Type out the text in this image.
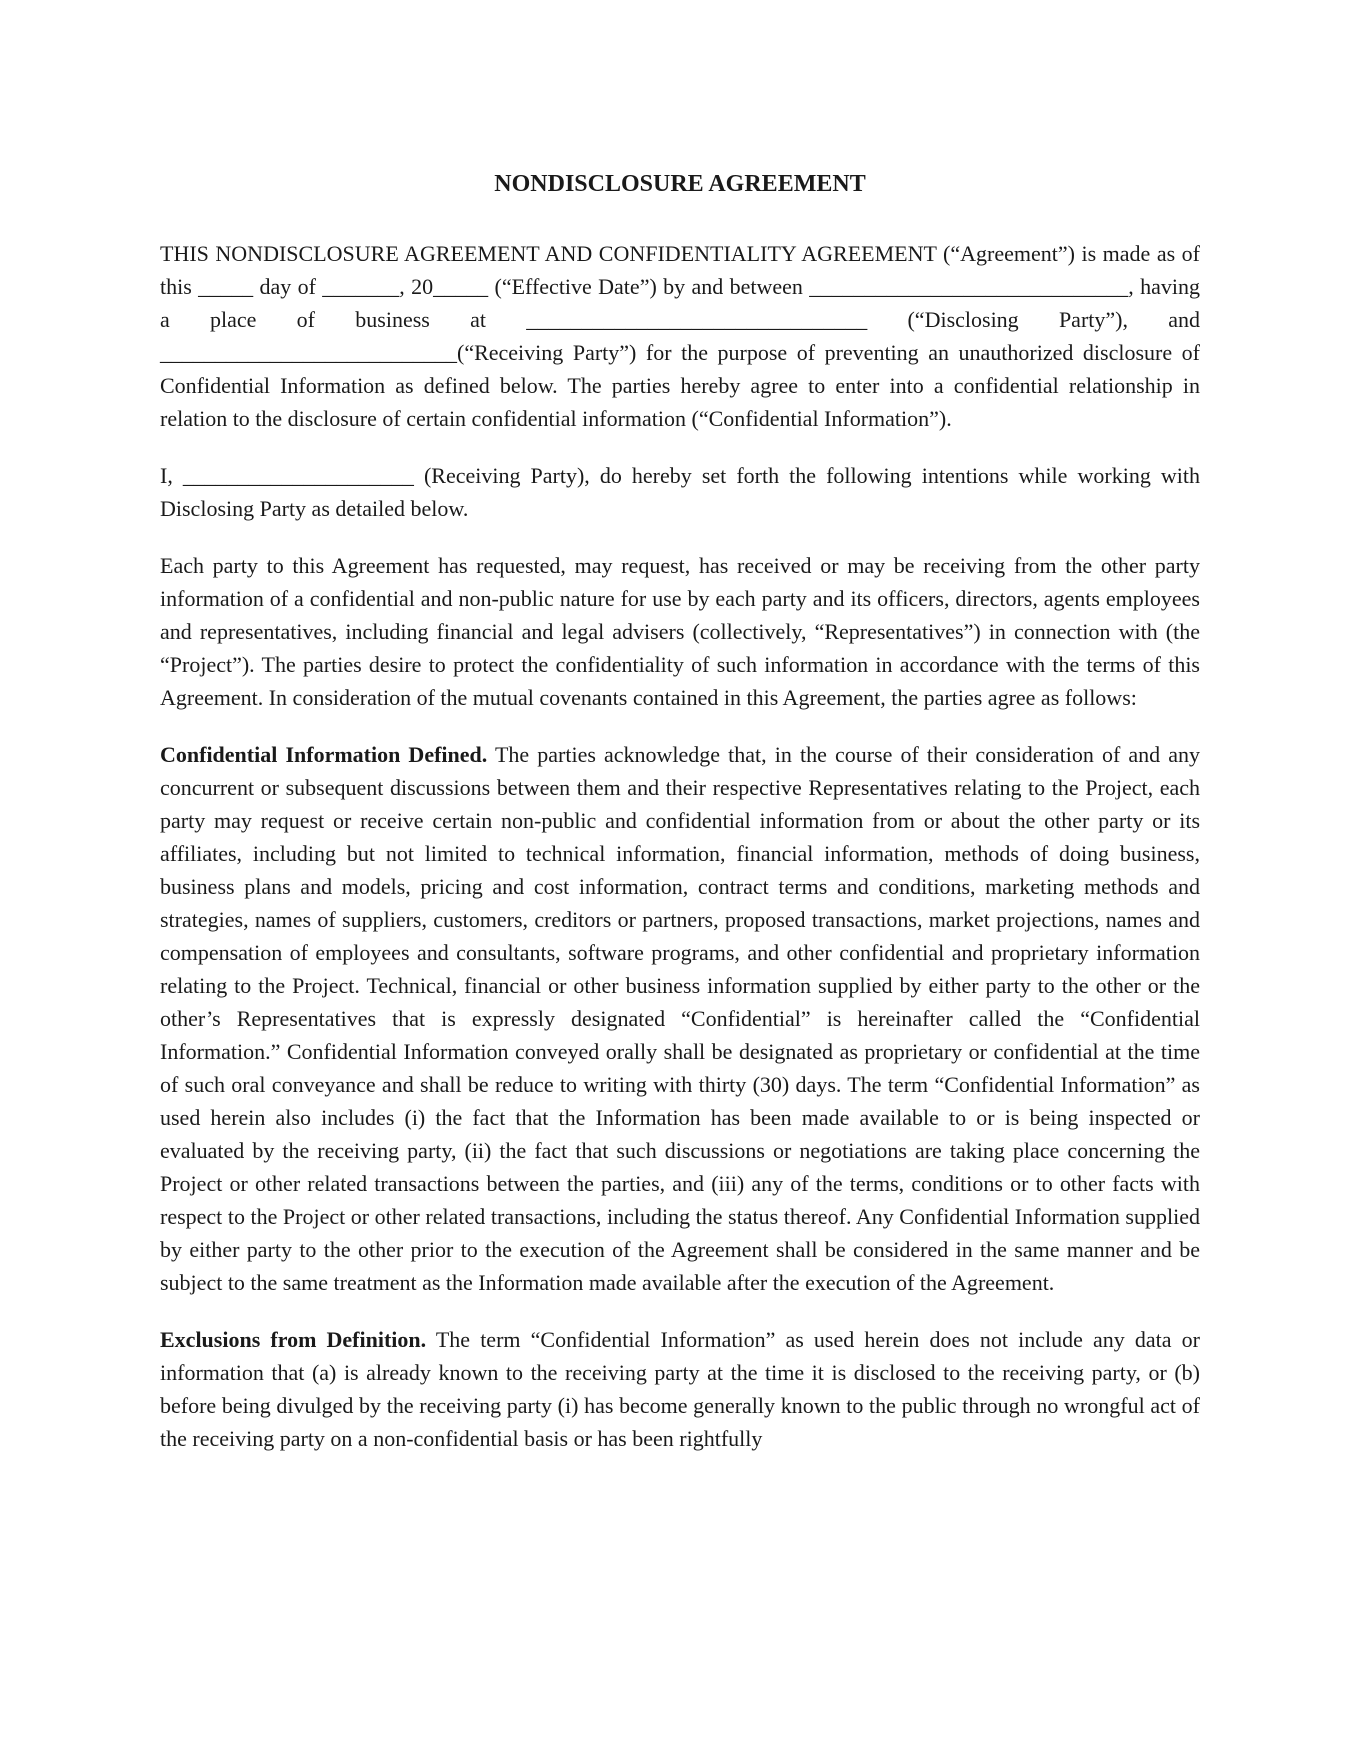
NONDISCLOSURE AGREEMENT

THIS NONDISCLOSURE AGREEMENT AND CONFIDENTIALITY AGREEMENT (“Agreement”) is made as of this _____ day of _______, 20_____ (“Effective Date”) by and between _____________________________, having a place of business at _______________________________ (“Disclosing Party”), and ___________________________(“Receiving Party”) for the purpose of preventing an unauthorized disclosure of Confidential Information as defined below. The parties hereby agree to enter into a confidential relationship in relation to the disclosure of certain confidential information (“Confidential Information”).

I, _____________________ (Receiving Party), do hereby set forth the following intentions while working with Disclosing Party as detailed below.

Each party to this Agreement has requested, may request, has received or may be receiving from the other party information of a confidential and non-public nature for use by each party and its officers, directors, agents employees and representatives, including financial and legal advisers (collectively, “Representatives”) in connection with (the “Project”). The parties desire to protect the confidentiality of such information in accordance with the terms of this Agreement. In consideration of the mutual covenants contained in this Agreement, the parties agree as follows:

Confidential Information Defined. The parties acknowledge that, in the course of their consideration of and any concurrent or subsequent discussions between them and their respective Representatives relating to the Project, each party may request or receive certain non-public and confidential information from or about the other party or its affiliates, including but not limited to technical information, financial information, methods of doing business, business plans and models, pricing and cost information, contract terms and conditions, marketing methods and strategies, names of suppliers, customers, creditors or partners, proposed transactions, market projections, names and compensation of employees and consultants, software programs, and other confidential and proprietary information relating to the Project. Technical, financial or other business information supplied by either party to the other or the other’s Representatives that is expressly designated “Confidential” is hereinafter called the “Confidential Information.” Confidential Information conveyed orally shall be designated as proprietary or confidential at the time of such oral conveyance and shall be reduce to writing with thirty (30) days. The term “Confidential Information” as used herein also includes (i) the fact that the Information has been made available to or is being inspected or evaluated by the receiving party, (ii) the fact that such discussions or negotiations are taking place concerning the Project or other related transactions between the parties, and (iii) any of the terms, conditions or to other facts with respect to the Project or other related transactions, including the status thereof. Any Confidential Information supplied by either party to the other prior to the execution of the Agreement shall be considered in the same manner and be subject to the same treatment as the Information made available after the execution of the Agreement.

Exclusions from Definition. The term “Confidential Information” as used herein does not include any data or information that (a) is already known to the receiving party at the time it is disclosed to the receiving party, or (b) before being divulged by the receiving party (i) has become generally known to the public through no wrongful act of the receiving party on a non-confidential basis or has been rightfully
